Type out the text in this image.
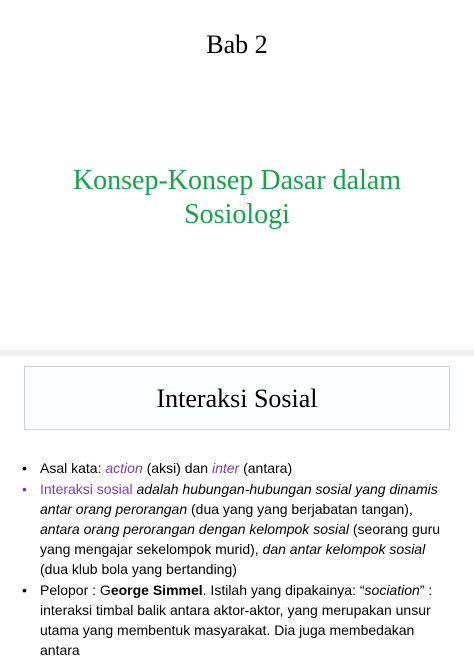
Bab 2
Konsep-Konsep Dasar dalam
Sosiologi
Interaksi Sosial
• Asal kata: action (aksi) dan inter (antara)
• Interaksi sosial adalah hubungan-hubungan sosial yang dinamis antar orang perorangan (dua yang yang berjabatan tangan), antara orang perorangan dengan kelompok sosial (seorang guru yang mengajar sekelompok murid), dan antar kelompok sosial (dua klub bola yang bertanding)
• Pelopor : George Simmel. Istilah yang dipakainya: “sociation” : interaksi timbal balik antara aktor-aktor, yang merupakan unsur
utama yang membentuk masyarakat. Dia juga membedakan antara
